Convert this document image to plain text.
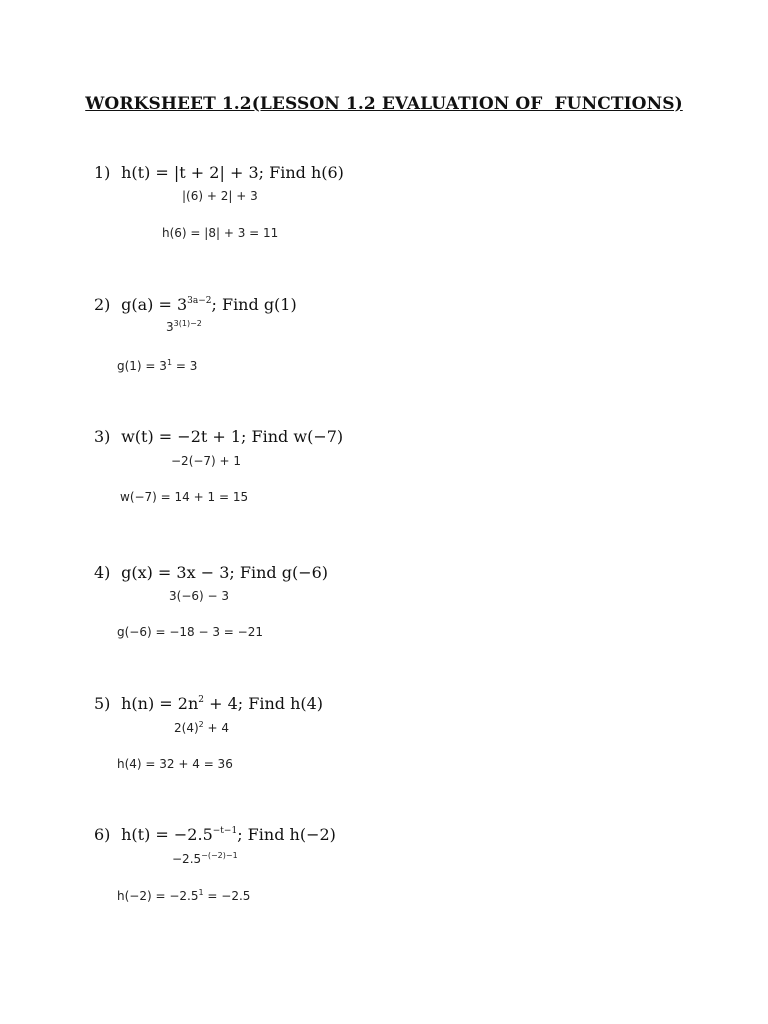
WORKSHEET 1.2(LESSON 1.2 EVALUATION OF  FUNCTIONS)
1) h(t) = |t + 2| + 3; Find h(6)
|(6) + 2| + 3
h(6) = |8| + 3 = 11
2) $g(a) = 3^{3a-2}$; Find g(1)
$3^{3(1)-2}$
$g(1) = 3^1 = 3$
3) w(t) = −2t + 1; Find w(−7)
−2(−7) + 1
w(−7) = 14 + 1 = 15
4) g(x) = 3x − 3; Find g(−6)
3(−6) − 3
g(−6) = −18 − 3 = −21
5) $h(n) = 2n^2 + 4$; Find h(4)
$2(4)^2 + 4$
h(4) = 32 + 4 = 36
6) $h(t) = -2.5^{-t-1}$; Find h(−2)
$-2.5^{-(-2)-1}$
$h(-2) = -2.5^1 = -2.5$
